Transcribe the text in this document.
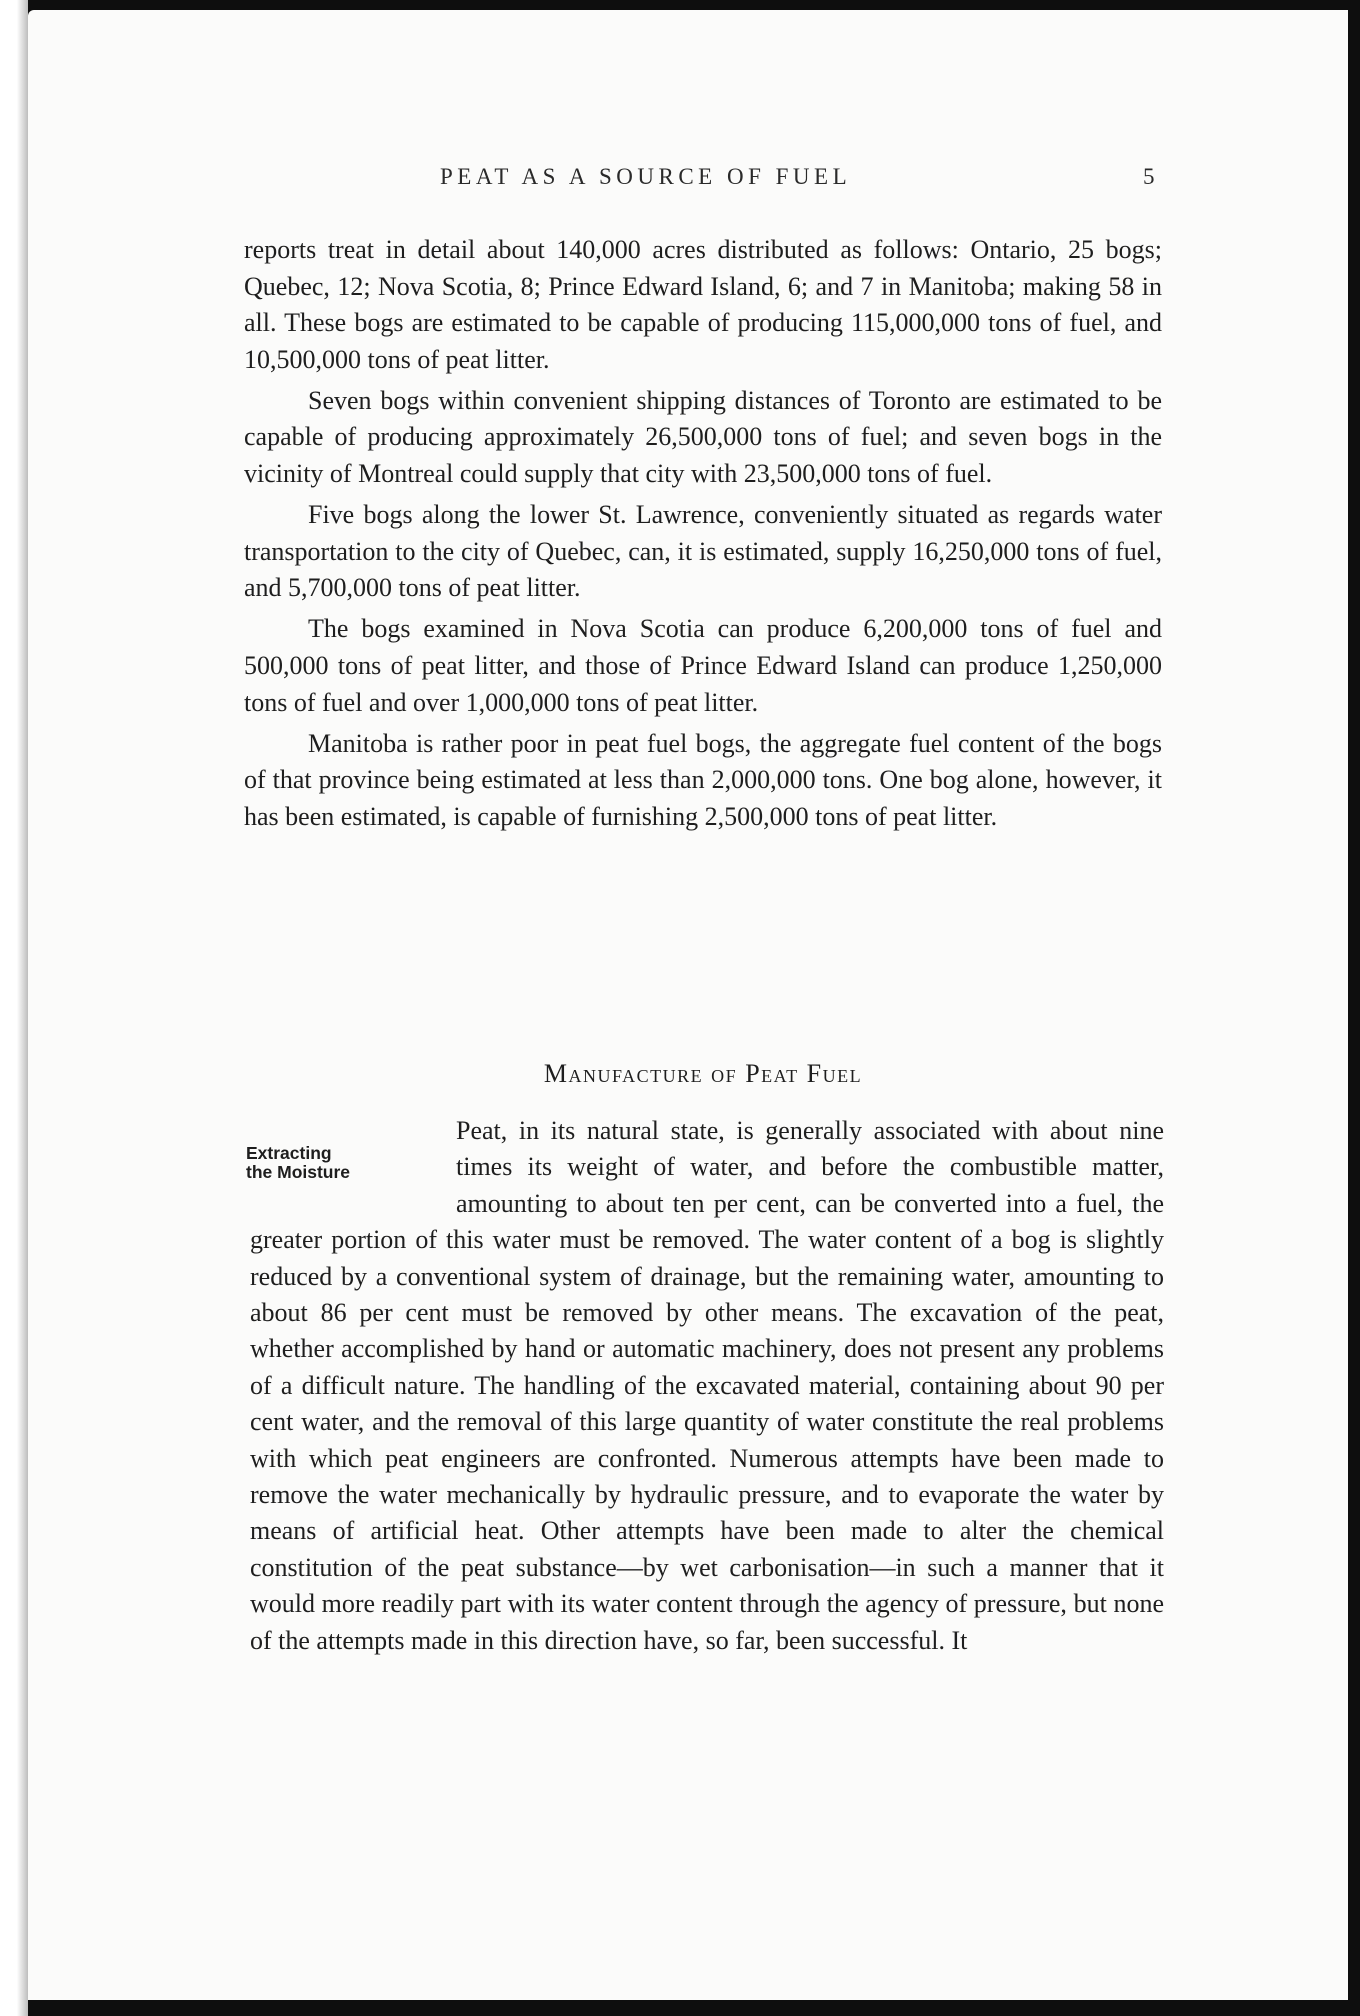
PEAT AS A SOURCE OF FUEL	5

reports treat in detail about 140,000 acres distributed as follows: Ontario, 25 bogs; Quebec, 12; Nova Scotia, 8; Prince Edward Island, 6; and 7 in Manitoba; making 58 in all. These bogs are estimated to be capable of producing 115,000,000 tons of fuel, and 10,500,000 tons of peat litter.

Seven bogs within convenient shipping distances of Toronto are estimated to be capable of producing approximately 26,500,000 tons of fuel; and seven bogs in the vicinity of Montreal could supply that city with 23,500,000 tons of fuel.

Five bogs along the lower St. Lawrence, conveniently situated as regards water transportation to the city of Quebec, can, it is estimated, supply 16,250,000 tons of fuel, and 5,700,000 tons of peat litter.

The bogs examined in Nova Scotia can produce 6,200,000 tons of fuel and 500,000 tons of peat litter, and those of Prince Edward Island can produce 1,250,000 tons of fuel and over 1,000,000 tons of peat litter.

Manitoba is rather poor in peat fuel bogs, the aggregate fuel content of the bogs of that province being estimated at less than 2,000,000 tons. One bog alone, however, it has been estimated, is capable of furnishing 2,500,000 tons of peat litter.

Manufacture of Peat Fuel
Extracting
the Moisture

Peat, in its natural state, is generally associated with about nine times its weight of water, and before the combustible matter, amounting to about ten per cent, can be converted into a fuel, the greater portion of this water must be removed. The water content of a bog is slightly reduced by a conventional system of drainage, but the remaining water, amounting to about 86 per cent must be removed by other means. The excavation of the peat, whether accomplished by hand or automatic machinery, does not present any problems of a difficult nature. The handling of the excavated material, containing about 90 per cent water, and the removal of this large quantity of water constitute the real problems with which peat engineers are confronted. Numerous attempts have been made to remove the water mechanically by hydraulic pressure, and to evaporate the water by means of artificial heat. Other attempts have been made to alter the chemical constitution of the peat substance—by wet carbonisation—in such a manner that it would more readily part with its water content through the agency of pressure, but none of the attempts made in this direction have, so far, been successful. It
